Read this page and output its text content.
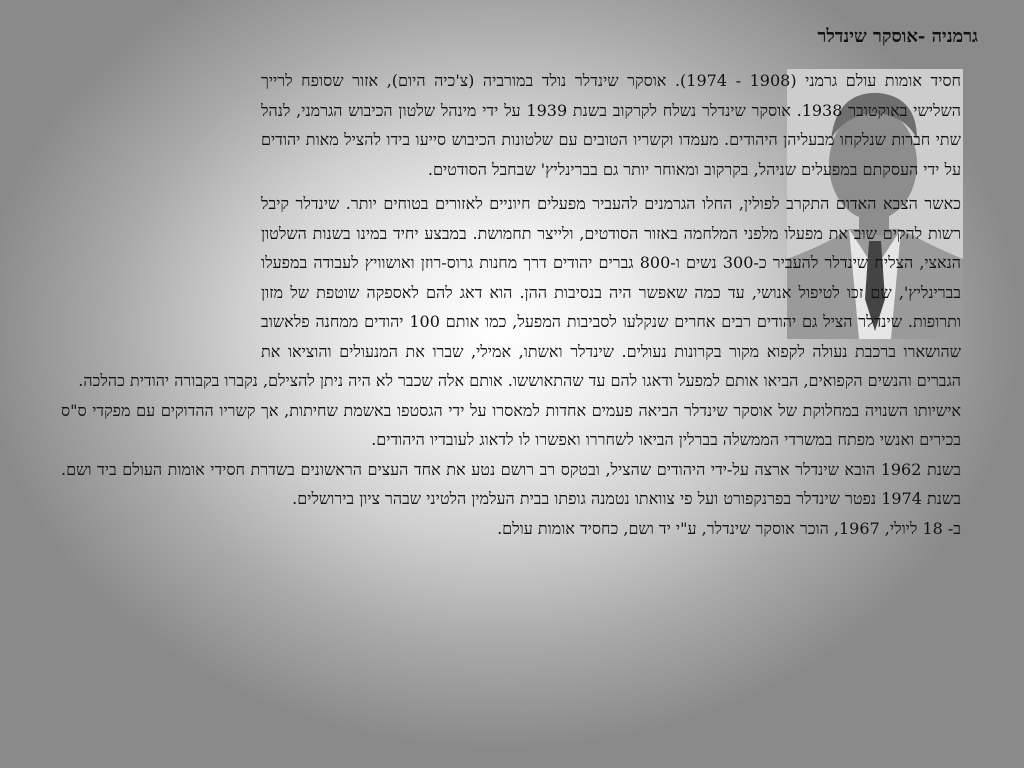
גרמניה -אוסקר שינדלר
חסיד אומות עולם גרמני (1908 - 1974). אוסקר שינדלר נולד במורביה (צ'כיה היום), אזור שסופח לרייך השלישי באוקטובר 1938. אוסקר שינדלר נשלח לקרקוב בשנת 1939 על ידי מינהל שלטון הכיבוש הגרמני, לנהל שתי חברות שנלקחו מבעליהן היהודים. מעמדו וקשריו הטובים עם שלטונות הכיבוש סייעו בידו להציל מאות יהודים על ידי העסקתם במפעלים שניהל, בקרקוב ומאוחר יותר גם בברינליץ' שבחבל הסודטים.
כאשר הצבא האדום התקרב לפולין, החלו הגרמנים להעביר מפעלים חיוניים לאזורים בטוחים יותר. שינדלר קיבל רשות להקים שוב את מפעלו מלפני המלחמה באזור הסודטים, ולייצר תחמושת. במבצע יחיד במינו בשנות השלטון הנאצי, הצליח שינדלר להעביר כ-300 נשים ו-800 גברים יהודים דרך מחנות גרוס-רוזן ואושוויץ לעבודה במפעלו בברינליץ', שם זכו לטיפול אנושי, עד כמה שאפשר היה בנסיבות ההן. הוא דאג להם לאספקה שוטפת של מזון ותרופות. שינדלר הציל גם יהודים רבים אחרים שנקלעו לסביבות המפעל, כמו אותם 100 יהודים ממחנה פלאשוב שהושארו ברכבת נעולה לקפוא מקור בקרונות נעולים. שינדלר ואשתו, אמילי, שברו את המנעולים והוציאו את הגברים והנשים הקפואים, הביאו אותם למפעל ודאגו להם עד שהתאוששו. אותם אלה שכבר לא היה ניתן להצילם, נקברו בקבורה יהודית כהלכה.
אישיותו השנויה במחלוקת של אוסקר שינדלר הביאה פעמים אחדות למאסרו על ידי הגסטפו באשמת שחיתות, אך קשריו ההדוקים עם מפקדי ס"ס בכירים ואנשי מפתח במשרדי הממשלה בברלין הביאו לשחררו ואפשרו לו לדאוג לעובדיו היהודים.
בשנת 1962 הובא שינדלר ארצה על-ידי היהודים שהציל, ובטקס רב רושם נטע את אחד העצים הראשונים בשדרת חסידי אומות העולם ביד ושם. בשנת 1974 נפטר שינדלר בפרנקפורט ועל פי צוואתו נטמנה גופתו בבית העלמין הלטיני שבהר ציון בירושלים.
ב- 18 ליולי, 1967, הוכר אוסקר שינדלר, ע"י יד ושם, כחסיד אומות עולם.
